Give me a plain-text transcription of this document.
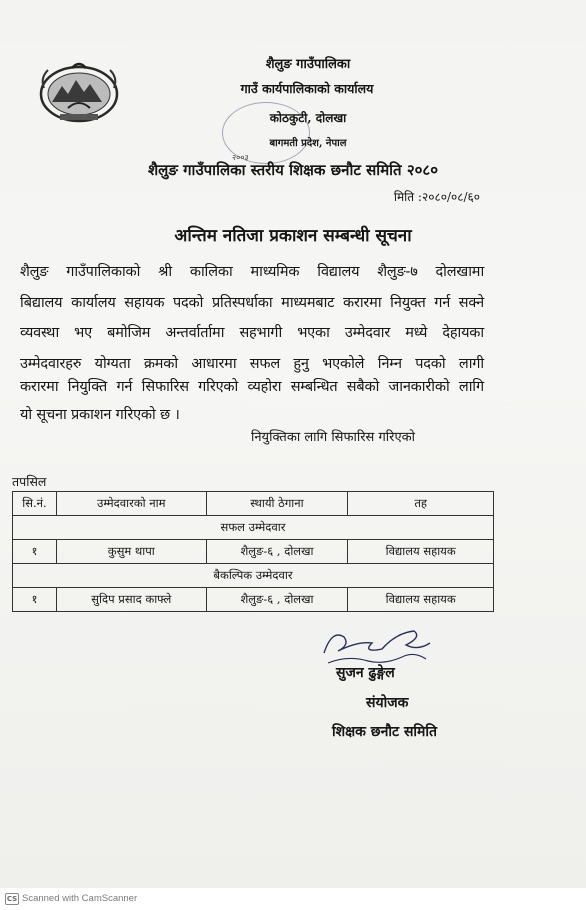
शैलुङ गाउँपालिका
गाउँ कार्यपालिकाको कार्यालय
कोठकुटी, दोलखा
बागमती प्रदेश, नेपाल
२००३
शैलुङ गाउँपालिका स्तरीय शिक्षक छनौट समिति २०८०
मिति :२०८०/०८/६०
अन्तिम नतिजा प्रकाशन सम्बन्धी सूचना
शैलुङ गाउँपालिकाको श्री कालिका माध्यमिक विद्यालय शैलुङ-७ दोलखामा
बिद्यालय कार्यालय सहायक पदको प्रतिस्पर्धाका माध्यमबाट करारमा नियुक्त गर्न सक्ने
व्यवस्था भए बमोजिम अन्तर्वार्तामा सहभागी भएका उम्मेदवार मध्ये देहायका
उम्मेदवारहरु योग्यता क्रमको आधारमा सफल हुनु भएकोले निम्न पदको लागी
करारमा नियुक्ति गर्न सिफारिस गरिएको व्यहोरा सम्बन्धित सबैको जानकारीको लागि
यो सूचना प्रकाशन गरिएको छ ।
नियुक्तिका लागि सिफारिस गरिएको
तपसिल
सि.नं.	उम्मेदवारको नाम	स्थायी ठेगाना	तह
सफल उम्मेदवार			
१	कुसुम थापा	शैलुङ-६ , दोलखा	विद्यालय सहायक
बैकल्पिक उम्मेदवार			
१	सुदिप प्रसाद काफ्ले	शैलुङ-६ , दोलखा	विद्यालय सहायक
सुजन ढुङ्गेल
संयोजक
शिक्षक छनौट समिति
CS Scanned with CamScanner
